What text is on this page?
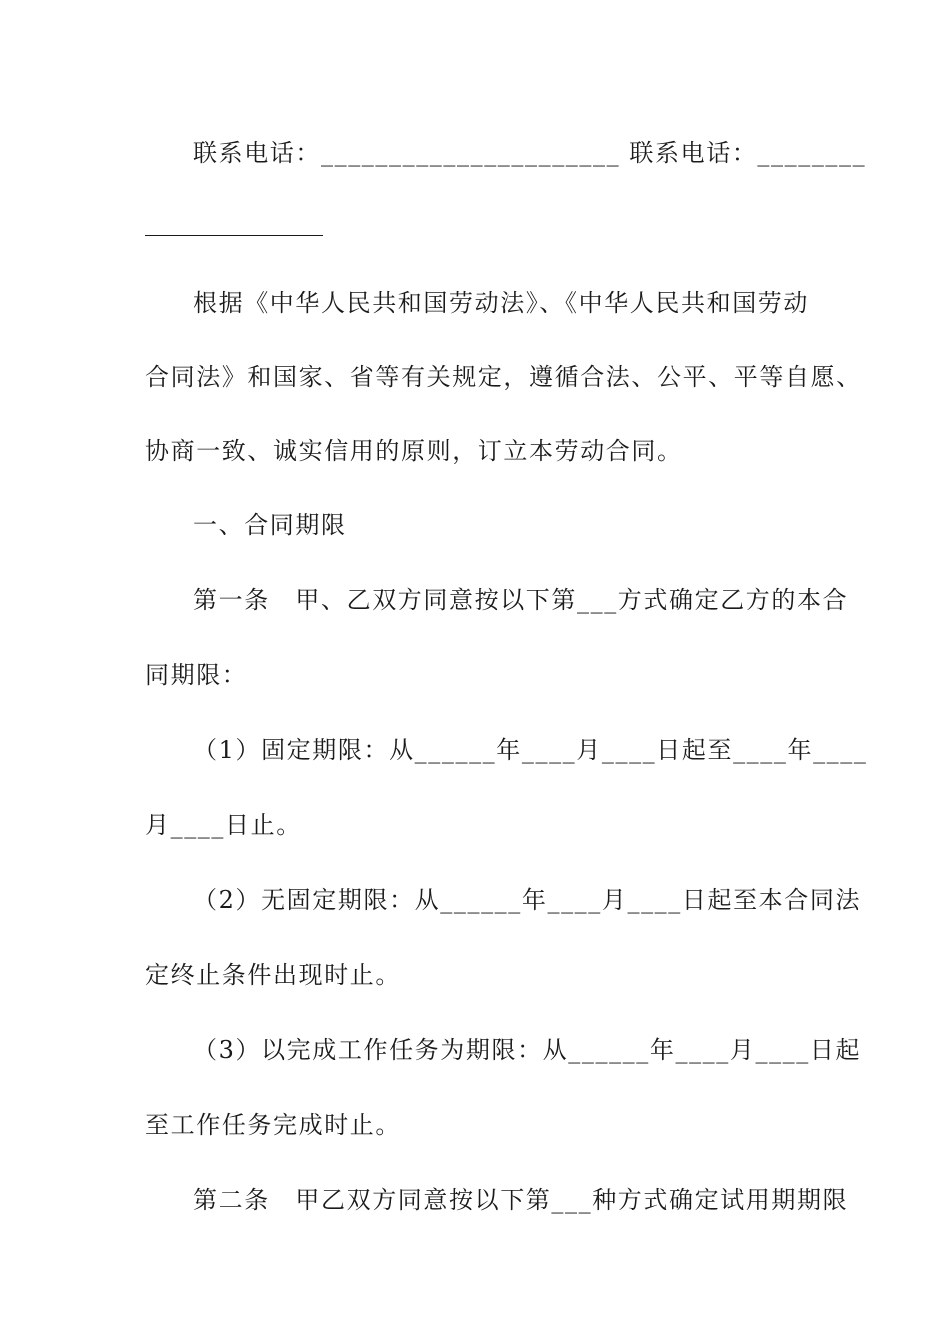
联系电话：______________________ 联系电话：________
根据《中华人民共和国劳动法》、《中华人民共和国劳动
合同法》和国家、省等有关规定，遵循合法、公平、平等自愿、
协商一致、诚实信用的原则，订立本劳动合同。
一、合同期限
第一条　甲、乙双方同意按以下第___方式确定乙方的本合
同期限：
（1）固定期限：从______年____月____日起至____年____
月____日止。
（2）无固定期限：从______年____月____日起至本合同法
定终止条件出现时止。
（3）以完成工作任务为期限：从______年____月____日起
至工作任务完成时止。
第二条　甲乙双方同意按以下第___种方式确定试用期期限
